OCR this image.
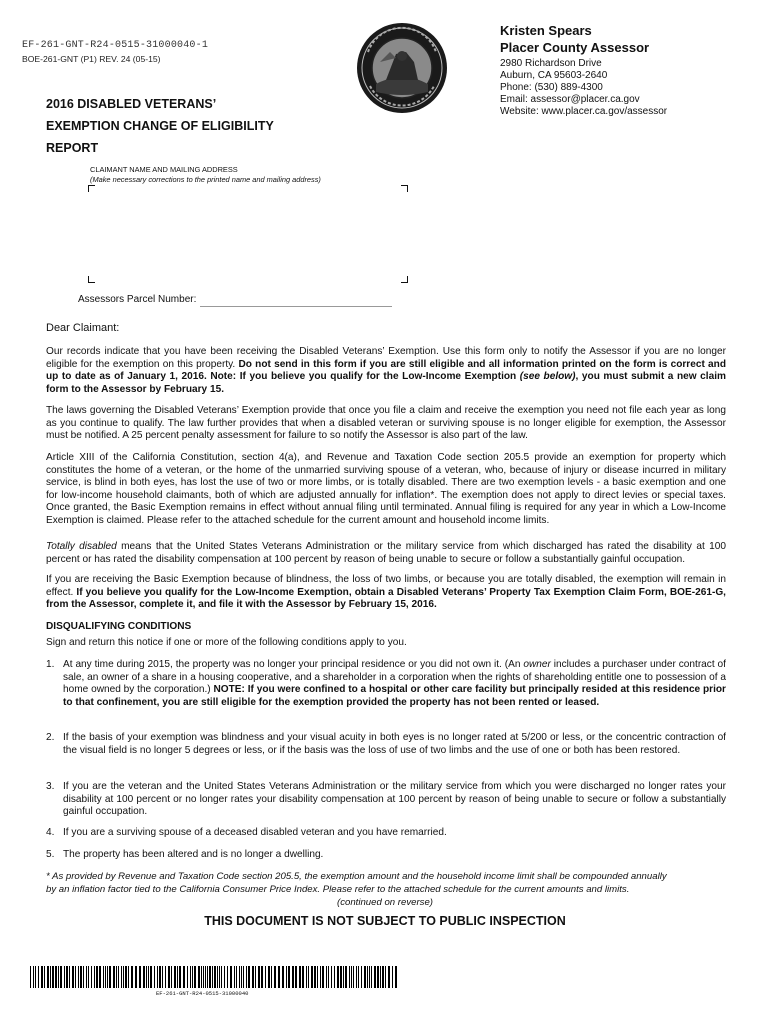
EF-261-GNT-R24-0515-31000040-1
BOE-261-GNT (P1) REV. 24 (05-15)
Kristen Spears
Placer County Assessor
2980 Richardson Drive
Auburn, CA 95603-2640
Phone: (530) 889-4300
Email: assessor@placer.ca.gov
Website: www.placer.ca.gov/assessor
2016 DISABLED VETERANS’
EXEMPTION CHANGE OF ELIGIBILITY
REPORT
CLAIMANT NAME AND MAILING ADDRESS
(Make necessary corrections to the printed name and mailing address)
Assessors Parcel Number:
Dear Claimant:

Our records indicate that you have been receiving the Disabled Veterans’ Exemption. Use this form only to notify the Assessor if you are no longer eligible for the exemption on this property. Do not send in this form if you are still eligible and all information printed on the form is correct and up to date as of January 1, 2016. Note: If you believe you qualify for the Low-Income Exemption (see below), you must submit a new claim form to the Assessor by February 15.

The laws governing the Disabled Veterans’ Exemption provide that once you file a claim and receive the exemption you need not file each year as long as you continue to qualify. The law further provides that when a disabled veteran or surviving spouse is no longer eligible for exemption, the Assessor must be notified. A 25 percent penalty assessment for failure to so notify the Assessor is also part of the law.

Article XIII of the California Constitution, section 4(a), and Revenue and Taxation Code section 205.5 provide an exemption for property which constitutes the home of a veteran, or the home of the unmarried surviving spouse of a veteran, who, because of injury or disease incurred in military service, is blind in both eyes, has lost the use of two or more limbs, or is totally disabled. There are two exemption levels - a basic exemption and one for low-income household claimants, both of which are adjusted annually for inflation*. The exemption does not apply to direct levies or special taxes. Once granted, the Basic Exemption remains in effect without annual filing until terminated. Annual filing is required for any year in which a Low-Income Exemption is claimed. Please refer to the attached schedule for the current amount and household income limits.

Totally disabled means that the United States Veterans Administration or the military service from which discharged has rated the disability at 100 percent or has rated the disability compensation at 100 percent by reason of being unable to secure or follow a substantially gainful occupation.

If you are receiving the Basic Exemption because of blindness, the loss of two limbs, or because you are totally disabled, the exemption will remain in effect. If you believe you qualify for the Low-Income Exemption, obtain a Disabled Veterans’ Property Tax Exemption Claim Form, BOE-261-G, from the Assessor, complete it, and file it with the Assessor by February 15, 2016.

DISQUALIFYING CONDITIONS
Sign and return this notice if one or more of the following conditions apply to you.
1. At any time during 2015, the property was no longer your principal residence or you did not own it. (An owner includes a purchaser under contract of sale, an owner of a share in a housing cooperative, and a shareholder in a corporation when the rights of shareholding entitle one to possession of a home owned by the corporation.) NOTE: If you were confined to a hospital or other care facility but principally resided at this residence prior to that confinement, you are still eligible for the exemption provided the property has not been rented or leased.
2. If the basis of your exemption was blindness and your visual acuity in both eyes is no longer rated at 5/200 or less, or the concentric contraction of the visual field is no longer 5 degrees or less, or if the basis was the loss of use of two limbs and the use of one or both has been restored.
3. If you are the veteran and the United States Veterans Administration or the military service from which you were discharged no longer rates your disability at 100 percent or no longer rates your disability compensation at 100 percent by reason of being unable to secure or follow a substantially gainful occupation.
4. If you are a surviving spouse of a deceased disabled veteran and you have remarried.
5. The property has been altered and is no longer a dwelling.
* As provided by Revenue and Taxation Code section 205.5, the exemption amount and the household income limit shall be compounded annually
by an inflation factor tied to the California Consumer Price Index. Please refer to the attached schedule for the current amounts and limits.
(continued on reverse)
THIS DOCUMENT IS NOT SUBJECT TO PUBLIC INSPECTION
EF-261-GNT-R24-0515-31000040
